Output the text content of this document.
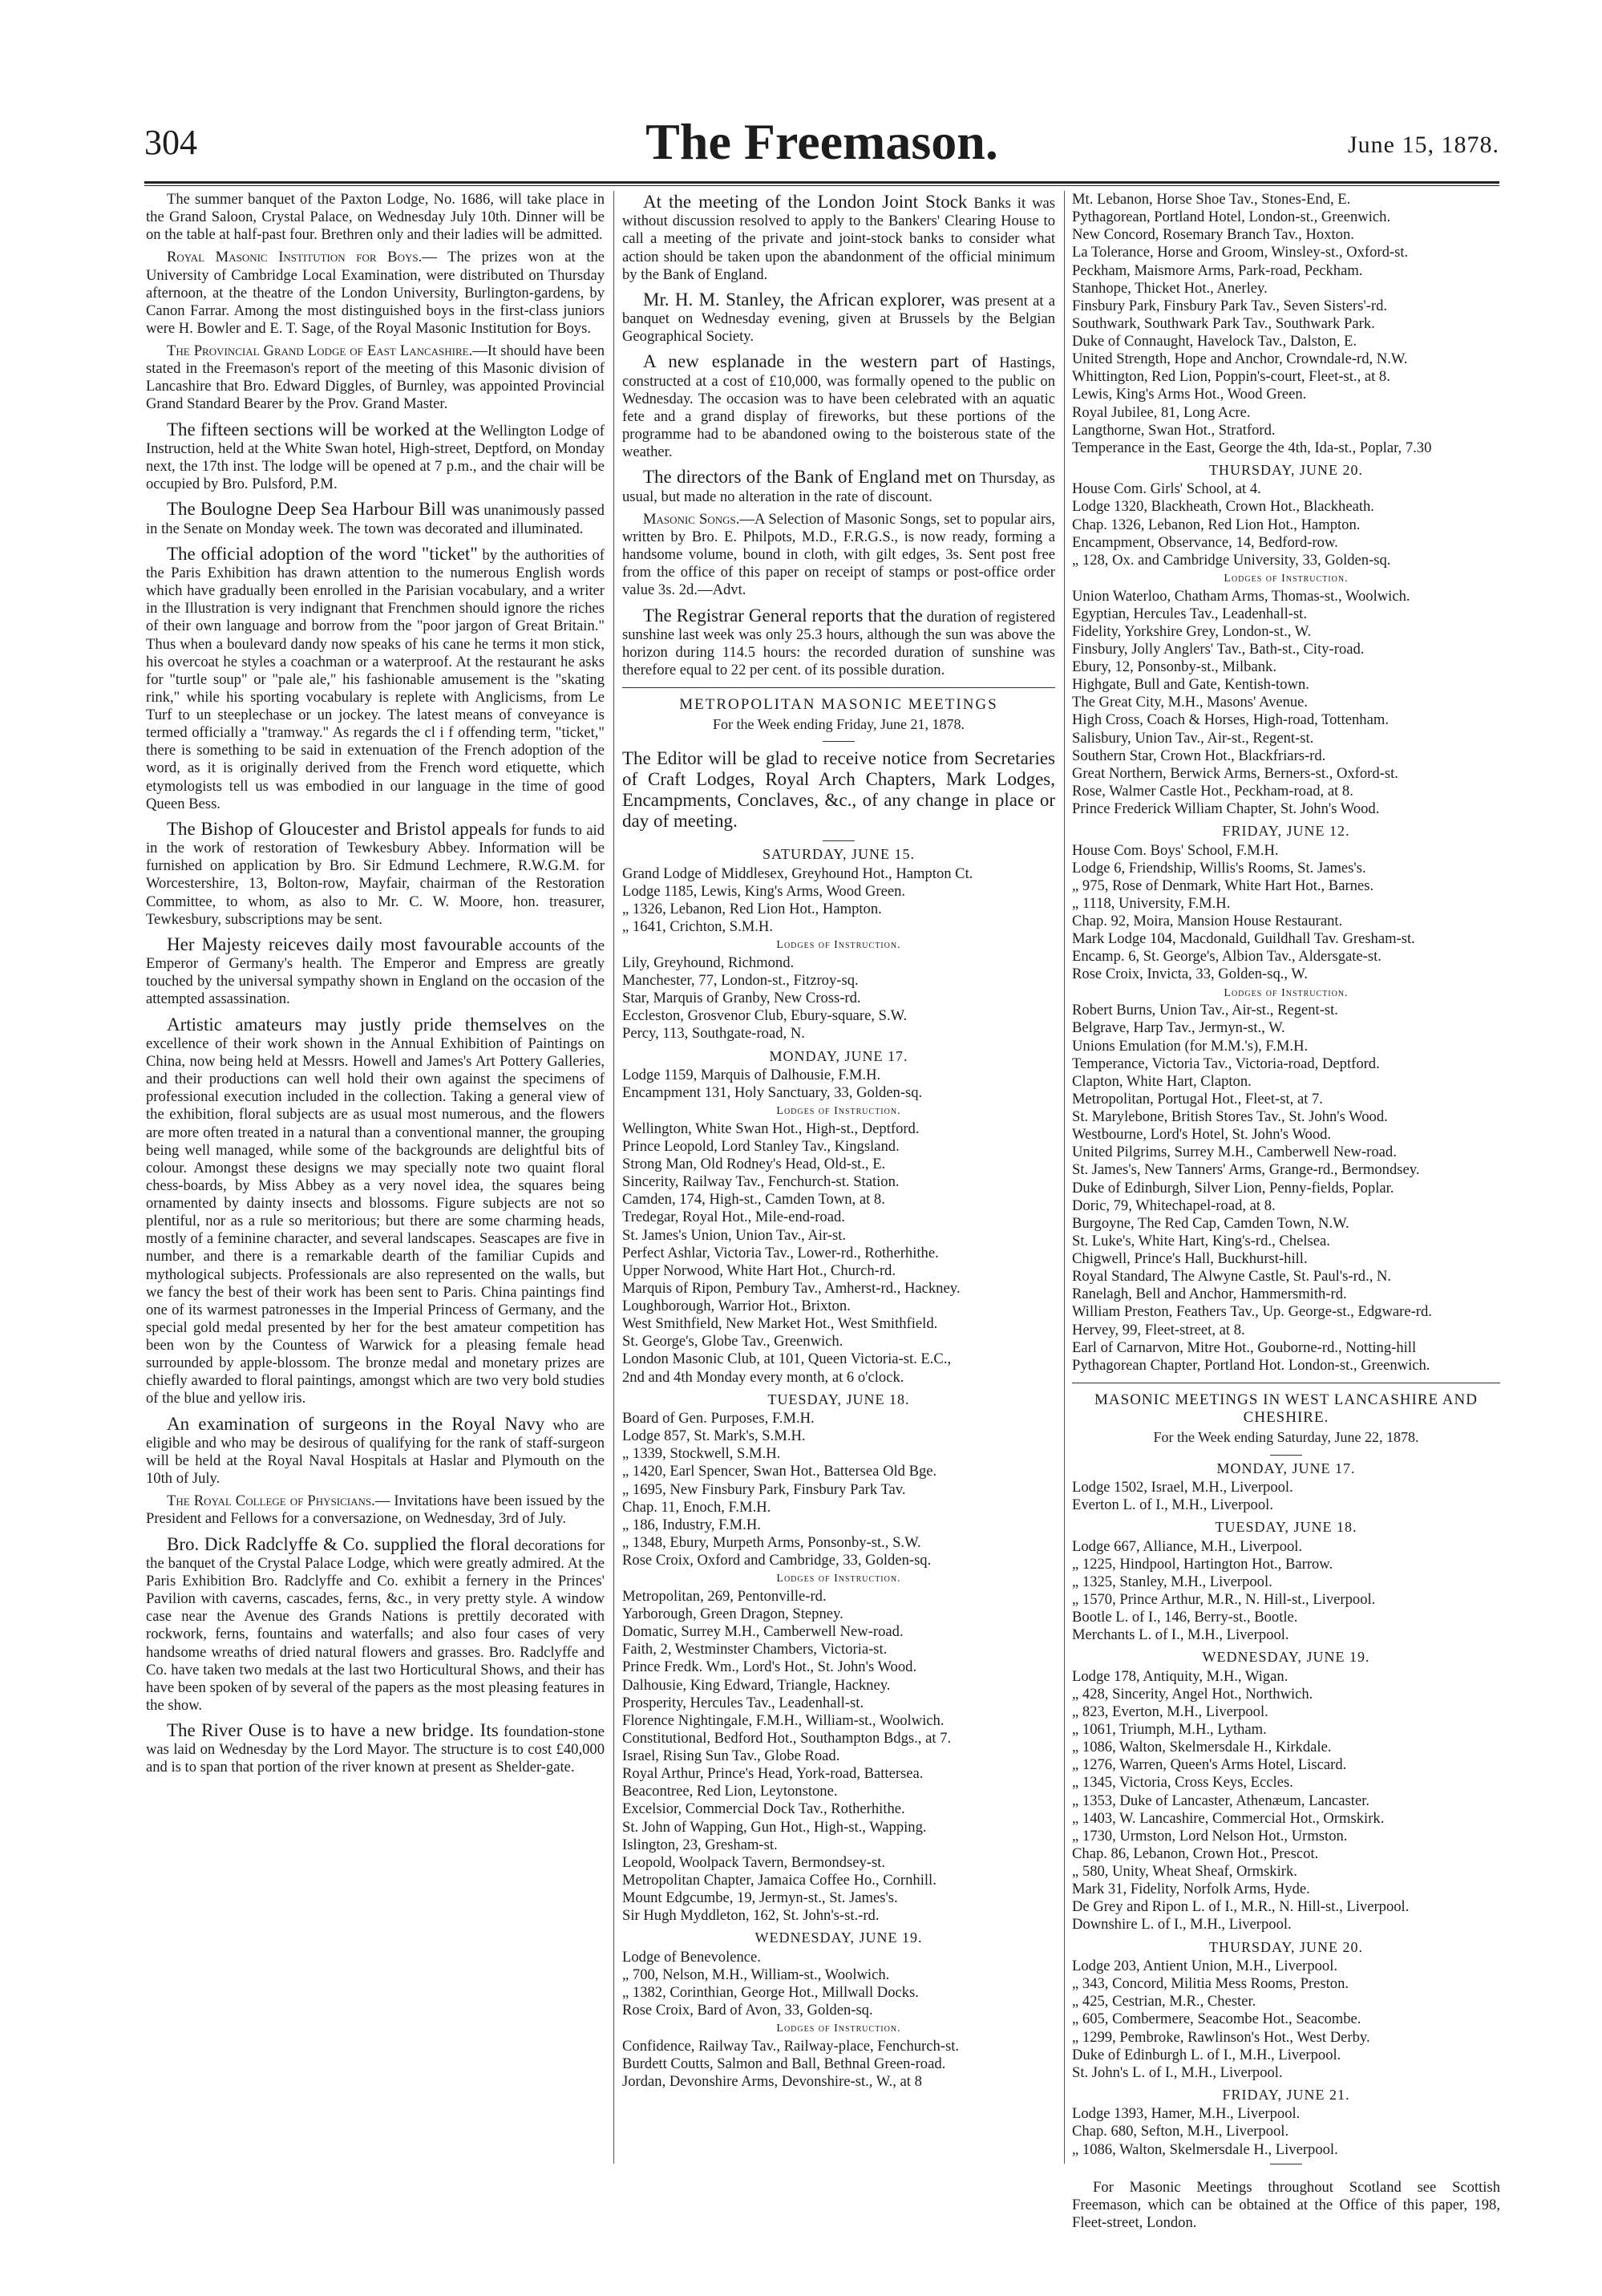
The Freemason.
304	June 15, 1878.

The summer banquet of the Paxton Lodge, No. 1686, will take place in the Grand Saloon, Crystal Palace, on Wednesday July 10th. Dinner will be on the table at half-past four. Brethren only and their ladies will be admitted.

Royal Masonic Institution for Boys.— The prizes won at the University of Cambridge Local Examination, were distributed on Thursday afternoon, at the theatre of the London University, Burlington-gardens, by Canon Farrar. Among the most distinguished boys in the first-class juniors were H. Bowler and E. T. Sage, of the Royal Masonic Institution for Boys.

The Provincial Grand Lodge of East Lancashire.—It should have been stated in the Freemason's report of the meeting of this Masonic division of Lancashire that Bro. Edward Diggles, of Burnley, was appointed Provincial Grand Standard Bearer by the Prov. Grand Master.

The fifteen sections will be worked at the Wellington Lodge of Instruction, held at the White Swan hotel, High-street, Deptford, on Monday next, the 17th inst. The lodge will be opened at 7 p.m., and the chair will be occupied by Bro. Pulsford, P.M.

The Boulogne Deep Sea Harbour Bill was unanimously passed in the Senate on Monday week. The town was decorated and illuminated.

The official adoption of the word "ticket" by the authorities of the Paris Exhibition has drawn attention to the numerous English words which have gradually been enrolled in the Parisian vocabulary, and a writer in the Illustration is very indignant that Frenchmen should ignore the riches of their own language and borrow from the "poor jargon of Great Britain." Thus when a boulevard dandy now speaks of his cane he terms it mon stick, his overcoat he styles a coachman or a waterproof. At the restaurant he asks for "turtle soup" or "pale ale," his fashionable amusement is the "skating rink," while his sporting vocabulary is replete with Anglicisms, from Le Turf to un steeplechase or un jockey. The latest means of conveyance is termed officially a "tramway." As regards the cl i f offending term, "ticket," there is something to be said in extenuation of the French adoption of the word, as it is originally derived from the French word etiquette, which etymologists tell us was embodied in our language in the time of good Queen Bess.

The Bishop of Gloucester and Bristol appeals for funds to aid in the work of restoration of Tewkesbury Abbey. Information will be furnished on application by Bro. Sir Edmund Lechmere, R.W.G.M. for Worcestershire, 13, Bolton-row, Mayfair, chairman of the Restoration Committee, to whom, as also to Mr. C. W. Moore, hon. treasurer, Tewkesbury, subscriptions may be sent.

Her Majesty reiceves daily most favourable accounts of the Emperor of Germany's health. The Emperor and Empress are greatly touched by the universal sympathy shown in England on the occasion of the attempted assassination.

Artistic amateurs may justly pride themselves on the excellence of their work shown in the Annual Exhibition of Paintings on China, now being held at Messrs. Howell and James's Art Pottery Galleries, and their productions can well hold their own against the specimens of professional execution included in the collection. Taking a general view of the exhibition, floral subjects are as usual most numerous, and the flowers are more often treated in a natural than a conventional manner, the grouping being well managed, while some of the backgrounds are delightful bits of colour. Amongst these designs we may specially note two quaint floral chess-boards, by Miss Abbey as a very novel idea, the squares being ornamented by dainty insects and blossoms. Figure subjects are not so plentiful, nor as a rule so meritorious; but there are some charming heads, mostly of a feminine character, and several landscapes. Seascapes are five in number, and there is a remarkable dearth of the familiar Cupids and mythological subjects. Professionals are also represented on the walls, but we fancy the best of their work has been sent to Paris. China paintings find one of its warmest patronesses in the Imperial Princess of Germany, and the special gold medal presented by her for the best amateur competition has been won by the Countess of Warwick for a pleasing female head surrounded by apple-blossom. The bronze medal and monetary prizes are chiefly awarded to floral paintings, amongst which are two very bold studies of the blue and yellow iris.

An examination of surgeons in the Royal Navy who are eligible and who may be desirous of qualifying for the rank of staff-surgeon will be held at the Royal Naval Hospitals at Haslar and Plymouth on the 10th of July.

The Royal College of Physicians.— Invitations have been issued by the President and Fellows for a conversazione, on Wednesday, 3rd of July.

Bro. Dick Radclyffe & Co. supplied the floral decorations for the banquet of the Crystal Palace Lodge, which were greatly admired. At the Paris Exhibition Bro. Radclyffe and Co. exhibit a fernery in the Princes' Pavilion with caverns, cascades, ferns, &c., in very pretty style. A window case near the Avenue des Grands Nations is prettily decorated with rockwork, ferns, fountains and waterfalls; and also four cases of very handsome wreaths of dried natural flowers and grasses. Bro. Radclyffe and Co. have taken two medals at the last two Horticultural Shows, and their has have been spoken of by several of the papers as the most pleasing features in the show.

The River Ouse is to have a new bridge. Its foundation-stone was laid on Wednesday by the Lord Mayor. The structure is to cost £40,000 and is to span that portion of the river known at present as Shelder-gate.

At the meeting of the London Joint Stock Banks it was without discussion resolved to apply to the Bankers' Clearing House to call a meeting of the private and joint-stock banks to consider what action should be taken upon the abandonment of the official minimum by the Bank of England.

Mr. H. M. Stanley, the African explorer, was present at a banquet on Wednesday evening, given at Brussels by the Belgian Geographical Society.

A new esplanade in the western part of Hastings, constructed at a cost of £10,000, was formally opened to the public on Wednesday. The occasion was to have been celebrated with an aquatic fete and a grand display of fireworks, but these portions of the programme had to be abandoned owing to the boisterous state of the weather.

The directors of the Bank of England met on Thursday, as usual, but made no alteration in the rate of discount.

Masonic Songs.—A Selection of Masonic Songs, set to popular airs, written by Bro. E. Philpots, M.D., F.R.G.S., is now ready, forming a handsome volume, bound in cloth, with gilt edges, 3s. Sent post free from the office of this paper on receipt of stamps or post-office order value 3s. 2d.—Advt.

The Registrar General reports that the duration of registered sunshine last week was only 25.3 hours, although the sun was above the horizon during 114.5 hours: the recorded duration of sunshine was therefore equal to 22 per cent. of its possible duration.

METROPOLITAN MASONIC MEETINGS
For the Week ending Friday, June 21, 1878.
The Editor will be glad to receive notice from Secretaries of Craft Lodges, Royal Arch Chapters, Mark Lodges, Encampments, Conclaves, &c., of any change in place or day of meeting.
SATURDAY, JUNE 15.
Grand Lodge of Middlesex, Greyhound Hot., Hampton Ct.
Lodge 1185, Lewis, King's Arms, Wood Green.
„ 1326, Lebanon, Red Lion Hot., Hampton.
„ 1641, Crichton, S.M.H.
Lodges of Instruction.
Lily, Greyhound, Richmond.
Manchester, 77, London-st., Fitzroy-sq.
Star, Marquis of Granby, New Cross-rd.
Eccleston, Grosvenor Club, Ebury-square, S.W.
Percy, 113, Southgate-road, N.
MONDAY, JUNE 17.
Lodge 1159, Marquis of Dalhousie, F.M.H.
Encampment 131, Holy Sanctuary, 33, Golden-sq.
Lodges of Instruction.
Wellington, White Swan Hot., High-st., Deptford.
Prince Leopold, Lord Stanley Tav., Kingsland.
Strong Man, Old Rodney's Head, Old-st., E.
Sincerity, Railway Tav., Fenchurch-st. Station.
Camden, 174, High-st., Camden Town, at 8.
Tredegar, Royal Hot., Mile-end-road.
St. James's Union, Union Tav., Air-st.
Perfect Ashlar, Victoria Tav., Lower-rd., Rotherhithe.
Upper Norwood, White Hart Hot., Church-rd.
Marquis of Ripon, Pembury Tav., Amherst-rd., Hackney.
Loughborough, Warrior Hot., Brixton.
West Smithfield, New Market Hot., West Smithfield.
St. George's, Globe Tav., Greenwich.
London Masonic Club, at 101, Queen Victoria-st. E.C.,
2nd and 4th Monday every month, at 6 o'clock.
TUESDAY, JUNE 18.
Board of Gen. Purposes, F.M.H.
Lodge 857, St. Mark's, S.M.H.
„ 1339, Stockwell, S.M.H.
„ 1420, Earl Spencer, Swan Hot., Battersea Old Bge.
„ 1695, New Finsbury Park, Finsbury Park Tav.
Chap. 11, Enoch, F.M.H.
„ 186, Industry, F.M.H.
„ 1348, Ebury, Murpeth Arms, Ponsonby-st., S.W.
Rose Croix, Oxford and Cambridge, 33, Golden-sq.
Lodges of Instruction.
Metropolitan, 269, Pentonville-rd.
Yarborough, Green Dragon, Stepney.
Domatic, Surrey M.H., Camberwell New-road.
Faith, 2, Westminster Chambers, Victoria-st.
Prince Fredk. Wm., Lord's Hot., St. John's Wood.
Dalhousie, King Edward, Triangle, Hackney.
Prosperity, Hercules Tav., Leadenhall-st.
Florence Nightingale, F.M.H., William-st., Woolwich.
Constitutional, Bedford Hot., Southampton Bdgs., at 7.
Israel, Rising Sun Tav., Globe Road.
Royal Arthur, Prince's Head, York-road, Battersea.
Beacontree, Red Lion, Leytonstone.
Excelsior, Commercial Dock Tav., Rotherhithe.
St. John of Wapping, Gun Hot., High-st., Wapping.
Islington, 23, Gresham-st.
Leopold, Woolpack Tavern, Bermondsey-st.
Metropolitan Chapter, Jamaica Coffee Ho., Cornhill.
Mount Edgcumbe, 19, Jermyn-st., St. James's.
Sir Hugh Myddleton, 162, St. John's-st.-rd.
WEDNESDAY, JUNE 19.
Lodge of Benevolence.
„ 700, Nelson, M.H., William-st., Woolwich.
„ 1382, Corinthian, George Hot., Millwall Docks.
Rose Croix, Bard of Avon, 33, Golden-sq.
Lodges of Instruction.
Confidence, Railway Tav., Railway-place, Fenchurch-st.
Burdett Coutts, Salmon and Ball, Bethnal Green-road.
Jordan, Devonshire Arms, Devonshire-st., W., at 8
Mt. Lebanon, Horse Shoe Tav., Stones-End, E.
Pythagorean, Portland Hotel, London-st., Greenwich.
New Concord, Rosemary Branch Tav., Hoxton.
La Tolerance, Horse and Groom, Winsley-st., Oxford-st.
Peckham, Maismore Arms, Park-road, Peckham.
Stanhope, Thicket Hot., Anerley.
Finsbury Park, Finsbury Park Tav., Seven Sisters'-rd.
Southwark, Southwark Park Tav., Southwark Park.
Duke of Connaught, Havelock Tav., Dalston, E.
United Strength, Hope and Anchor, Crowndale-rd, N.W.
Whittington, Red Lion, Poppin's-court, Fleet-st., at 8.
Lewis, King's Arms Hot., Wood Green.
Royal Jubilee, 81, Long Acre.
Langthorne, Swan Hot., Stratford.
Temperance in the East, George the 4th, Ida-st., Poplar, 7.30
THURSDAY, JUNE 20.
House Com. Girls' School, at 4.
Lodge 1320, Blackheath, Crown Hot., Blackheath.
Chap. 1326, Lebanon, Red Lion Hot., Hampton.
Encampment, Observance, 14, Bedford-row.
„ 128, Ox. and Cambridge University, 33, Golden-sq.
Lodges of Instruction.
Union Waterloo, Chatham Arms, Thomas-st., Woolwich.
Egyptian, Hercules Tav., Leadenhall-st.
Fidelity, Yorkshire Grey, London-st., W.
Finsbury, Jolly Anglers' Tav., Bath-st., City-road.
Ebury, 12, Ponsonby-st., Milbank.
Highgate, Bull and Gate, Kentish-town.
The Great City, M.H., Masons' Avenue.
High Cross, Coach & Horses, High-road, Tottenham.
Salisbury, Union Tav., Air-st., Regent-st.
Southern Star, Crown Hot., Blackfriars-rd.
Great Northern, Berwick Arms, Berners-st., Oxford-st.
Rose, Walmer Castle Hot., Peckham-road, at 8.
Prince Frederick William Chapter, St. John's Wood.
FRIDAY, JUNE 12.
House Com. Boys' School, F.M.H.
Lodge 6, Friendship, Willis's Rooms, St. James's.
„ 975, Rose of Denmark, White Hart Hot., Barnes.
„ 1118, University, F.M.H.
Chap. 92, Moira, Mansion House Restaurant.
Mark Lodge 104, Macdonald, Guildhall Tav. Gresham-st.
Encamp. 6, St. George's, Albion Tav., Aldersgate-st.
Rose Croix, Invicta, 33, Golden-sq., W.
Lodges of Instruction.
Robert Burns, Union Tav., Air-st., Regent-st.
Belgrave, Harp Tav., Jermyn-st., W.
Unions Emulation (for M.M.'s), F.M.H.
Temperance, Victoria Tav., Victoria-road, Deptford.
Clapton, White Hart, Clapton.
Metropolitan, Portugal Hot., Fleet-st, at 7.
St. Marylebone, British Stores Tav., St. John's Wood.
Westbourne, Lord's Hotel, St. John's Wood.
United Pilgrims, Surrey M.H., Camberwell New-road.
St. James's, New Tanners' Arms, Grange-rd., Bermondsey.
Duke of Edinburgh, Silver Lion, Penny-fields, Poplar.
Doric, 79, Whitechapel-road, at 8.
Burgoyne, The Red Cap, Camden Town, N.W.
St. Luke's, White Hart, King's-rd., Chelsea.
Chigwell, Prince's Hall, Buckhurst-hill.
Royal Standard, The Alwyne Castle, St. Paul's-rd., N.
Ranelagh, Bell and Anchor, Hammersmith-rd.
William Preston, Feathers Tav., Up. George-st., Edgware-rd.
Hervey, 99, Fleet-street, at 8.
Earl of Carnarvon, Mitre Hot., Gouborne-rd., Notting-hill
Pythagorean Chapter, Portland Hot. London-st., Greenwich.
MASONIC MEETINGS IN WEST LANCASHIRE AND CHESHIRE.
For the Week ending Saturday, June 22, 1878.
MONDAY, JUNE 17.
Lodge 1502, Israel, M.H., Liverpool.
Everton L. of I., M.H., Liverpool.
TUESDAY, JUNE 18.
Lodge 667, Alliance, M.H., Liverpool.
„ 1225, Hindpool, Hartington Hot., Barrow.
„ 1325, Stanley, M.H., Liverpool.
„ 1570, Prince Arthur, M.R., N. Hill-st., Liverpool.
Bootle L. of I., 146, Berry-st., Bootle.
Merchants L. of I., M.H., Liverpool.
WEDNESDAY, JUNE 19.
Lodge 178, Antiquity, M.H., Wigan.
„ 428, Sincerity, Angel Hot., Northwich.
„ 823, Everton, M.H., Liverpool.
„ 1061, Triumph, M.H., Lytham.
„ 1086, Walton, Skelmersdale H., Kirkdale.
„ 1276, Warren, Queen's Arms Hotel, Liscard.
„ 1345, Victoria, Cross Keys, Eccles.
„ 1353, Duke of Lancaster, Athenæum, Lancaster.
„ 1403, W. Lancashire, Commercial Hot., Ormskirk.
„ 1730, Urmston, Lord Nelson Hot., Urmston.
Chap. 86, Lebanon, Crown Hot., Prescot.
„ 580, Unity, Wheat Sheaf, Ormskirk.
Mark 31, Fidelity, Norfolk Arms, Hyde.
De Grey and Ripon L. of I., M.R., N. Hill-st., Liverpool.
Downshire L. of I., M.H., Liverpool.
THURSDAY, JUNE 20.
Lodge 203, Antient Union, M.H., Liverpool.
„ 343, Concord, Militia Mess Rooms, Preston.
„ 425, Cestrian, M.R., Chester.
„ 605, Combermere, Seacombe Hot., Seacombe.
„ 1299, Pembroke, Rawlinson's Hot., West Derby.
Duke of Edinburgh L. of I., M.H., Liverpool.
St. John's L. of I., M.H., Liverpool.
FRIDAY, JUNE 21.
Lodge 1393, Hamer, M.H., Liverpool.
Chap. 680, Sefton, M.H., Liverpool.
„ 1086, Walton, Skelmersdale H., Liverpool.

For Masonic Meetings throughout Scotland see Scottish Freemason, which can be obtained at the Office of this paper, 198, Fleet-street, London.
